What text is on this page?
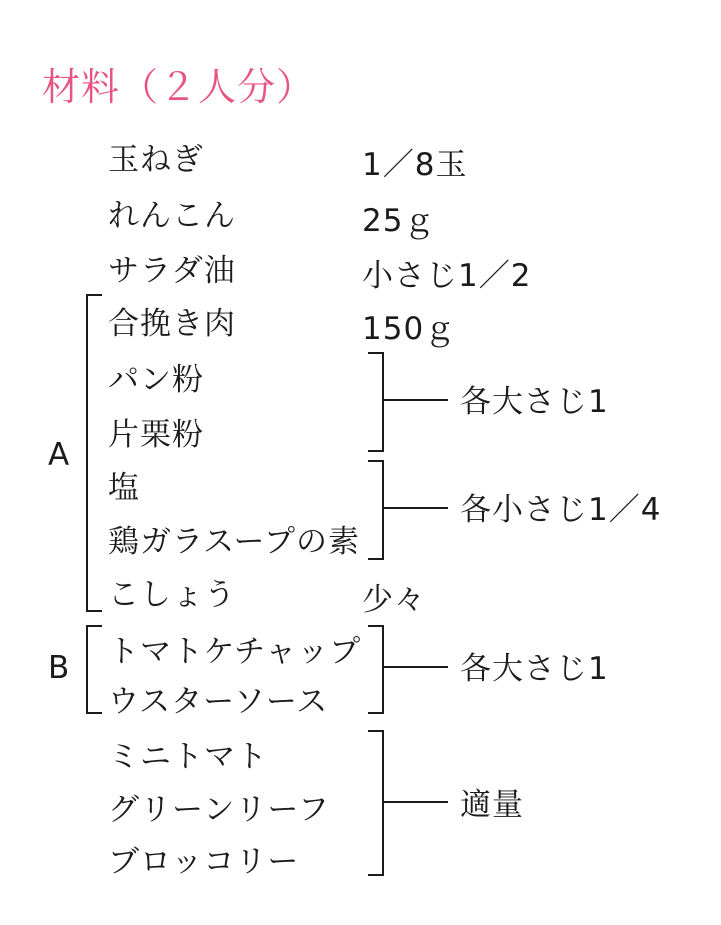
材料（２人分）
玉ねぎ
れんこん
サラダ油
合挽き肉
パン粉
片栗粉
塩
鶏ガラスープの素
こしょう
トマトケチャップ
ウスターソース
ミニトマト
グリーンリーフ
ブロッコリー
1／8玉
25ｇ
小さじ1／2
150ｇ
少々
A
B
各大さじ1
各小さじ1／4
各大さじ1
適量
